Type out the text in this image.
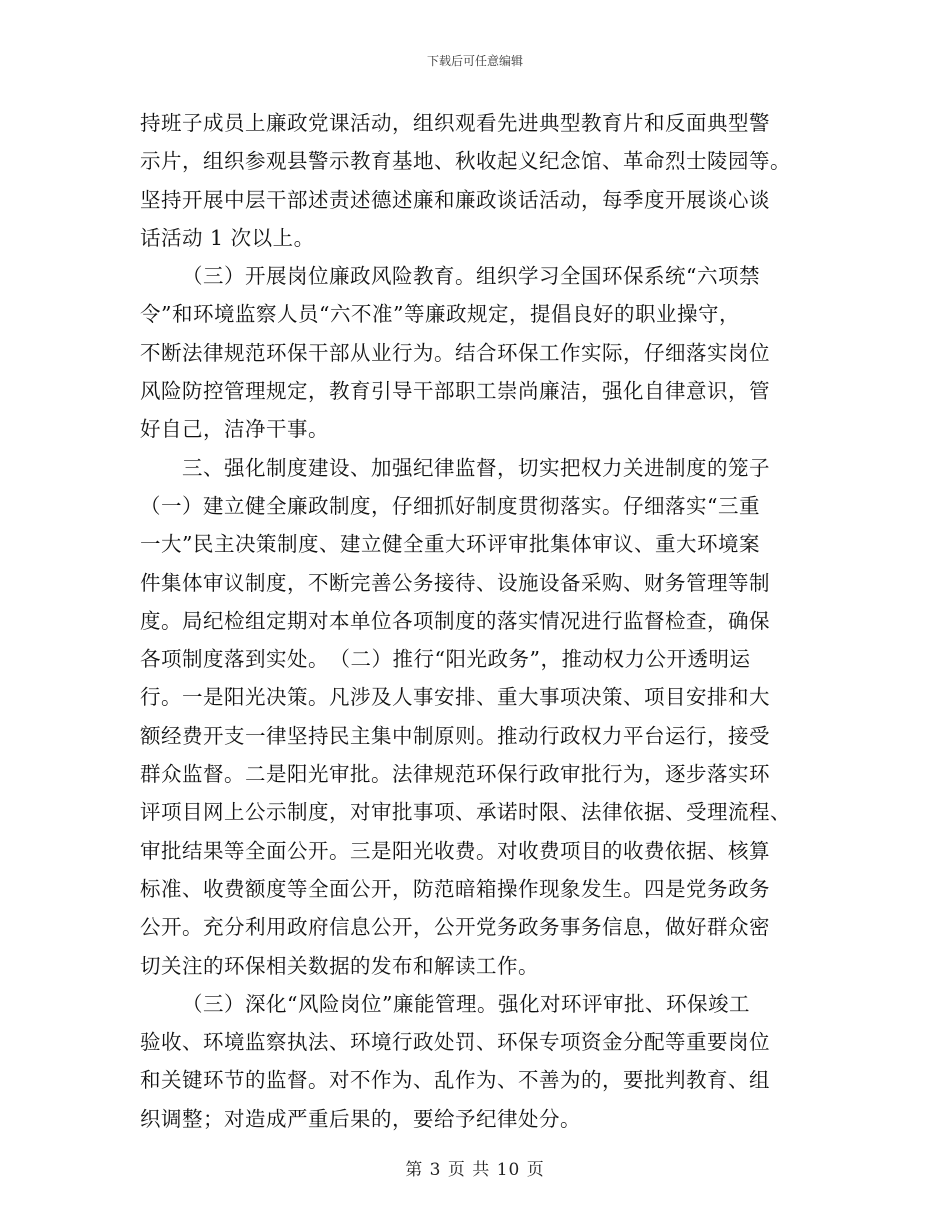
下载后可任意编辑
持班子成员上廉政党课活动，组织观看先进典型教育片和反面典型警
示片，组织参观县警示教育基地、秋收起义纪念馆、革命烈士陵园等。
坚持开展中层干部述责述德述廉和廉政谈话活动，每季度开展谈心谈
话活动 1 次以上。
（三）开展岗位廉政风险教育。组织学习全国环保系统“六项禁
令”和环境监察人员“六不准”等廉政规定，提倡良好的职业操守，
不断法律规范环保干部从业行为。结合环保工作实际，仔细落实岗位
风险防控管理规定，教育引导干部职工崇尚廉洁，强化自律意识，管
好自己，洁净干事。
三、强化制度建设、加强纪律监督，切实把权力关进制度的笼子
（一）建立健全廉政制度，仔细抓好制度贯彻落实。仔细落实“三重
一大”民主决策制度、建立健全重大环评审批集体审议、重大环境案
件集体审议制度，不断完善公务接待、设施设备采购、财务管理等制
度。局纪检组定期对本单位各项制度的落实情况进行监督检查，确保
各项制度落到实处。　（二）推行“阳光政务”，推动权力公开透明运
行。一是阳光决策。凡涉及人事安排、重大事项决策、项目安排和大
额经费开支一律坚持民主集中制原则。推动行政权力平台运行，接受
群众监督。二是阳光审批。法律规范环保行政审批行为，逐步落实环
评项目网上公示制度，对审批事项、承诺时限、法律依据、受理流程、
审批结果等全面公开。三是阳光收费。对收费项目的收费依据、核算
标准、收费额度等全面公开，防范暗箱操作现象发生。四是党务政务
公开。充分利用政府信息公开，公开党务政务事务信息，做好群众密
切关注的环保相关数据的发布和解读工作。
（三）深化“风险岗位”廉能管理。强化对环评审批、环保竣工
验收、环境监察执法、环境行政处罚、环保专项资金分配等重要岗位
和关键环节的监督。对不作为、乱作为、不善为的，要批判教育、组
织调整；对造成严重后果的，要给予纪律处分。
第 3 页 共 10 页
